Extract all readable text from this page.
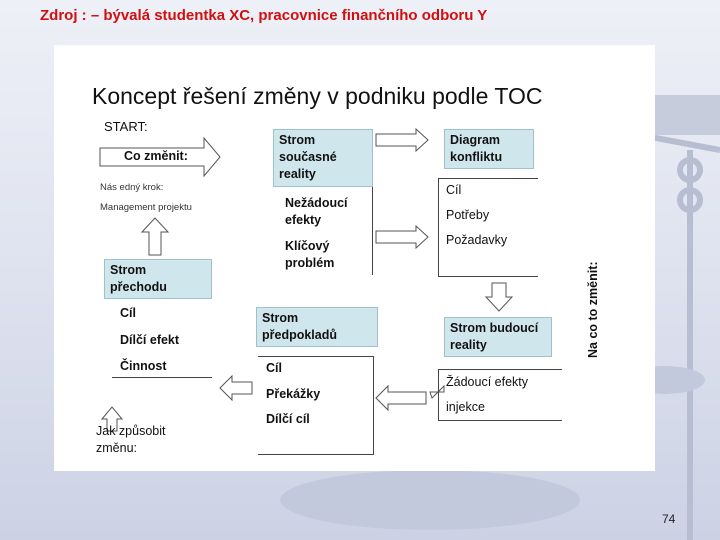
Zdroj : – bývalá studentka XC, pracovnice finančního odboru Y
Koncept řešení změny v podniku podle TOC
START:
Co změnit:
Nás edný krok:
Management projektu
Strom
současné
reality
Nežádoucí
efekty
Klíčový
problém
Diagram
konfliktu
Cíl
Potřeby
Požadavky
Na co to změnit:
Strom budoucí
reality
Žádoucí efekty
injekce
Strom
předpokladů
Cíl
Překážky
Dílčí cíl
Strom
přechodu
Cíl
Dílčí efekt
Činnost
Jak způsobit
změnu:
74
